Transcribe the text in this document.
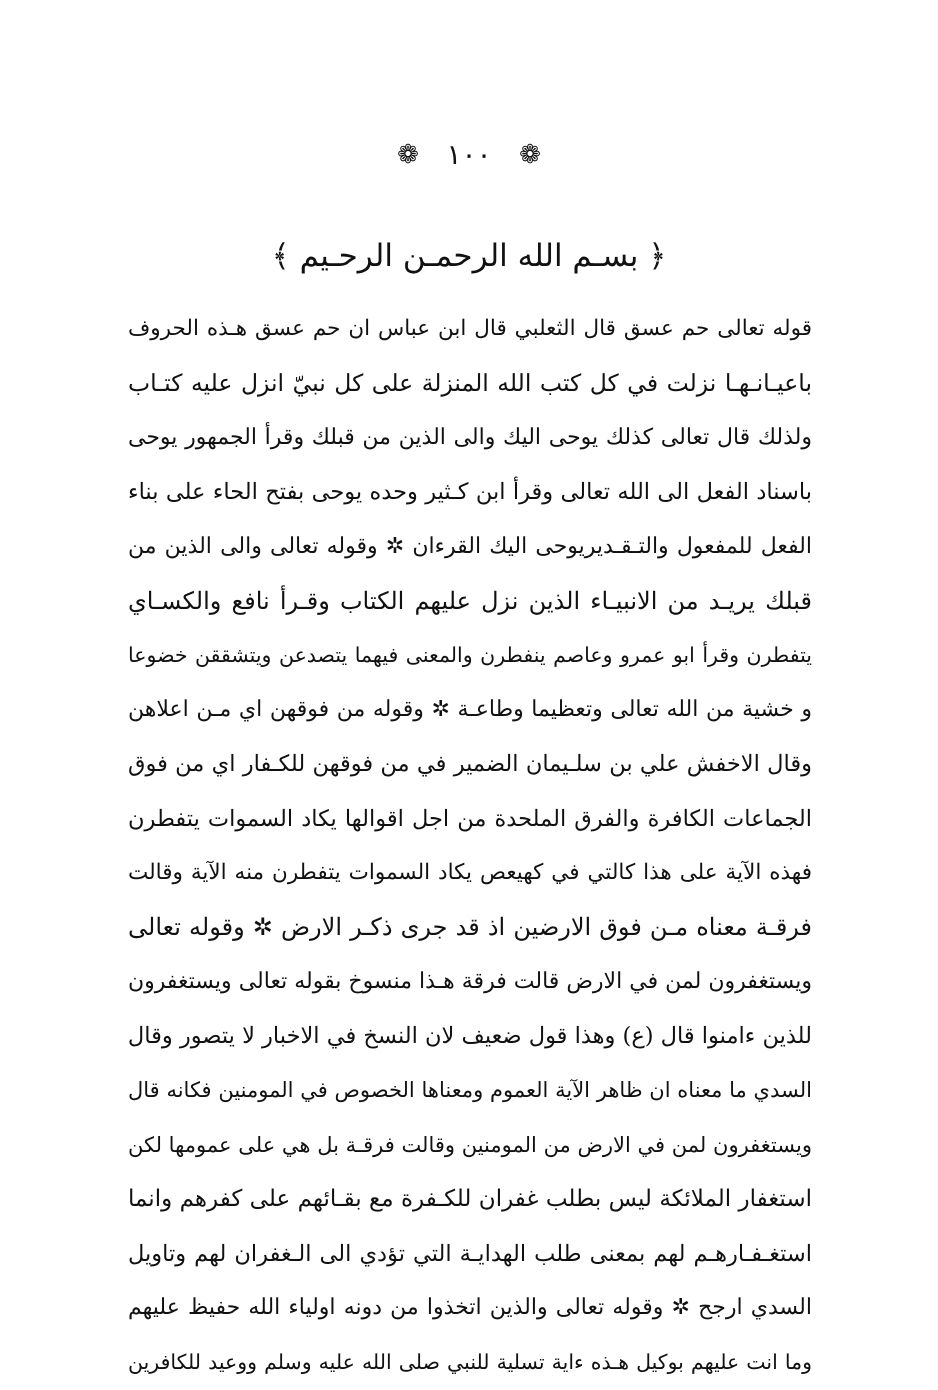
❁ ١٠٠ ❁
﴿ بسـم الله الرحمـن الرحـيم ﴾
قوله تعالى حم عسق قال الثعلبي قال ابن عباس ان حم عسق هـذه الحروف
باعيـانـهـا نزلت في كل كتب الله المنزلة على كل نبيّ انزل عليه كتـاب
ولذلك قال تعالى كذلك يوحى اليك والى الذين من قبلك وقرأ الجمهور يوحى
باسناد الفعل الى الله تعالى وقرأ ابن كـثير وحده يوحى بفتح الحاء على بناء
الفعل للمفعول والتـقـديريوحى اليك القرءان ✲ وقوله تعالى والى الذين من
قبلك يريـد من الانبيـاء الذين نزل عليهم الكتاب وقـرأ نافع والكسـاي
يتفطرن وقرأ ابو عمرو وعاصم ينفطرن والمعنى فيهما يتصدعن ويتشققن خضوعا
و خشية من الله تعالى وتعظيما وطاعـة ✲ وقوله من فوقهن اي مـن اعلاهن
وقال الاخفش علي بن سلـيمان الضمير في من فوقهن للكـفار اي من فوق
الجماعات الكافرة والفرق الملحدة من اجل اقوالها يكاد السموات يتفطرن
فهذه الآية على هذا كالتي في كهيعص يكاد السموات يتفطرن منه الآية وقالت
فرقـة معناه مـن فوق الارضين اذ قد جرى ذكـر الارض ✲ وقوله تعالى
ويستغفرون لمن في الارض قالت فرقة هـذا منسوخ بقوله تعالى ويستغفرون
للذين ءامنوا قال (ع) وهذا قول ضعيف لان النسخ في الاخبار لا يتصور وقال
السدي ما معناه ان ظاهر الآية العموم ومعناها الخصوص في المومنين فكانه قال
ويستغفرون لمن في الارض من المومنين وقالت فرقـة بل هي على عمومها لكن
استغفار الملائكة ليس بطلب غفران للكـفرة مع بقـائهم على كفرهم وانما
استغـفـارهـم لهم بمعنى طلب الهدايـة التي تؤدي الى الـغفران لهم وتاويل
السدي ارجح ✲ وقوله تعالى والذين اتخذوا من دونه اولياء الله حفيظ عليهم
وما انت عليهم بوكيل هـذه ءاية تسلية للنبي صلى الله عليه وسلم ووعيد للكافرين
